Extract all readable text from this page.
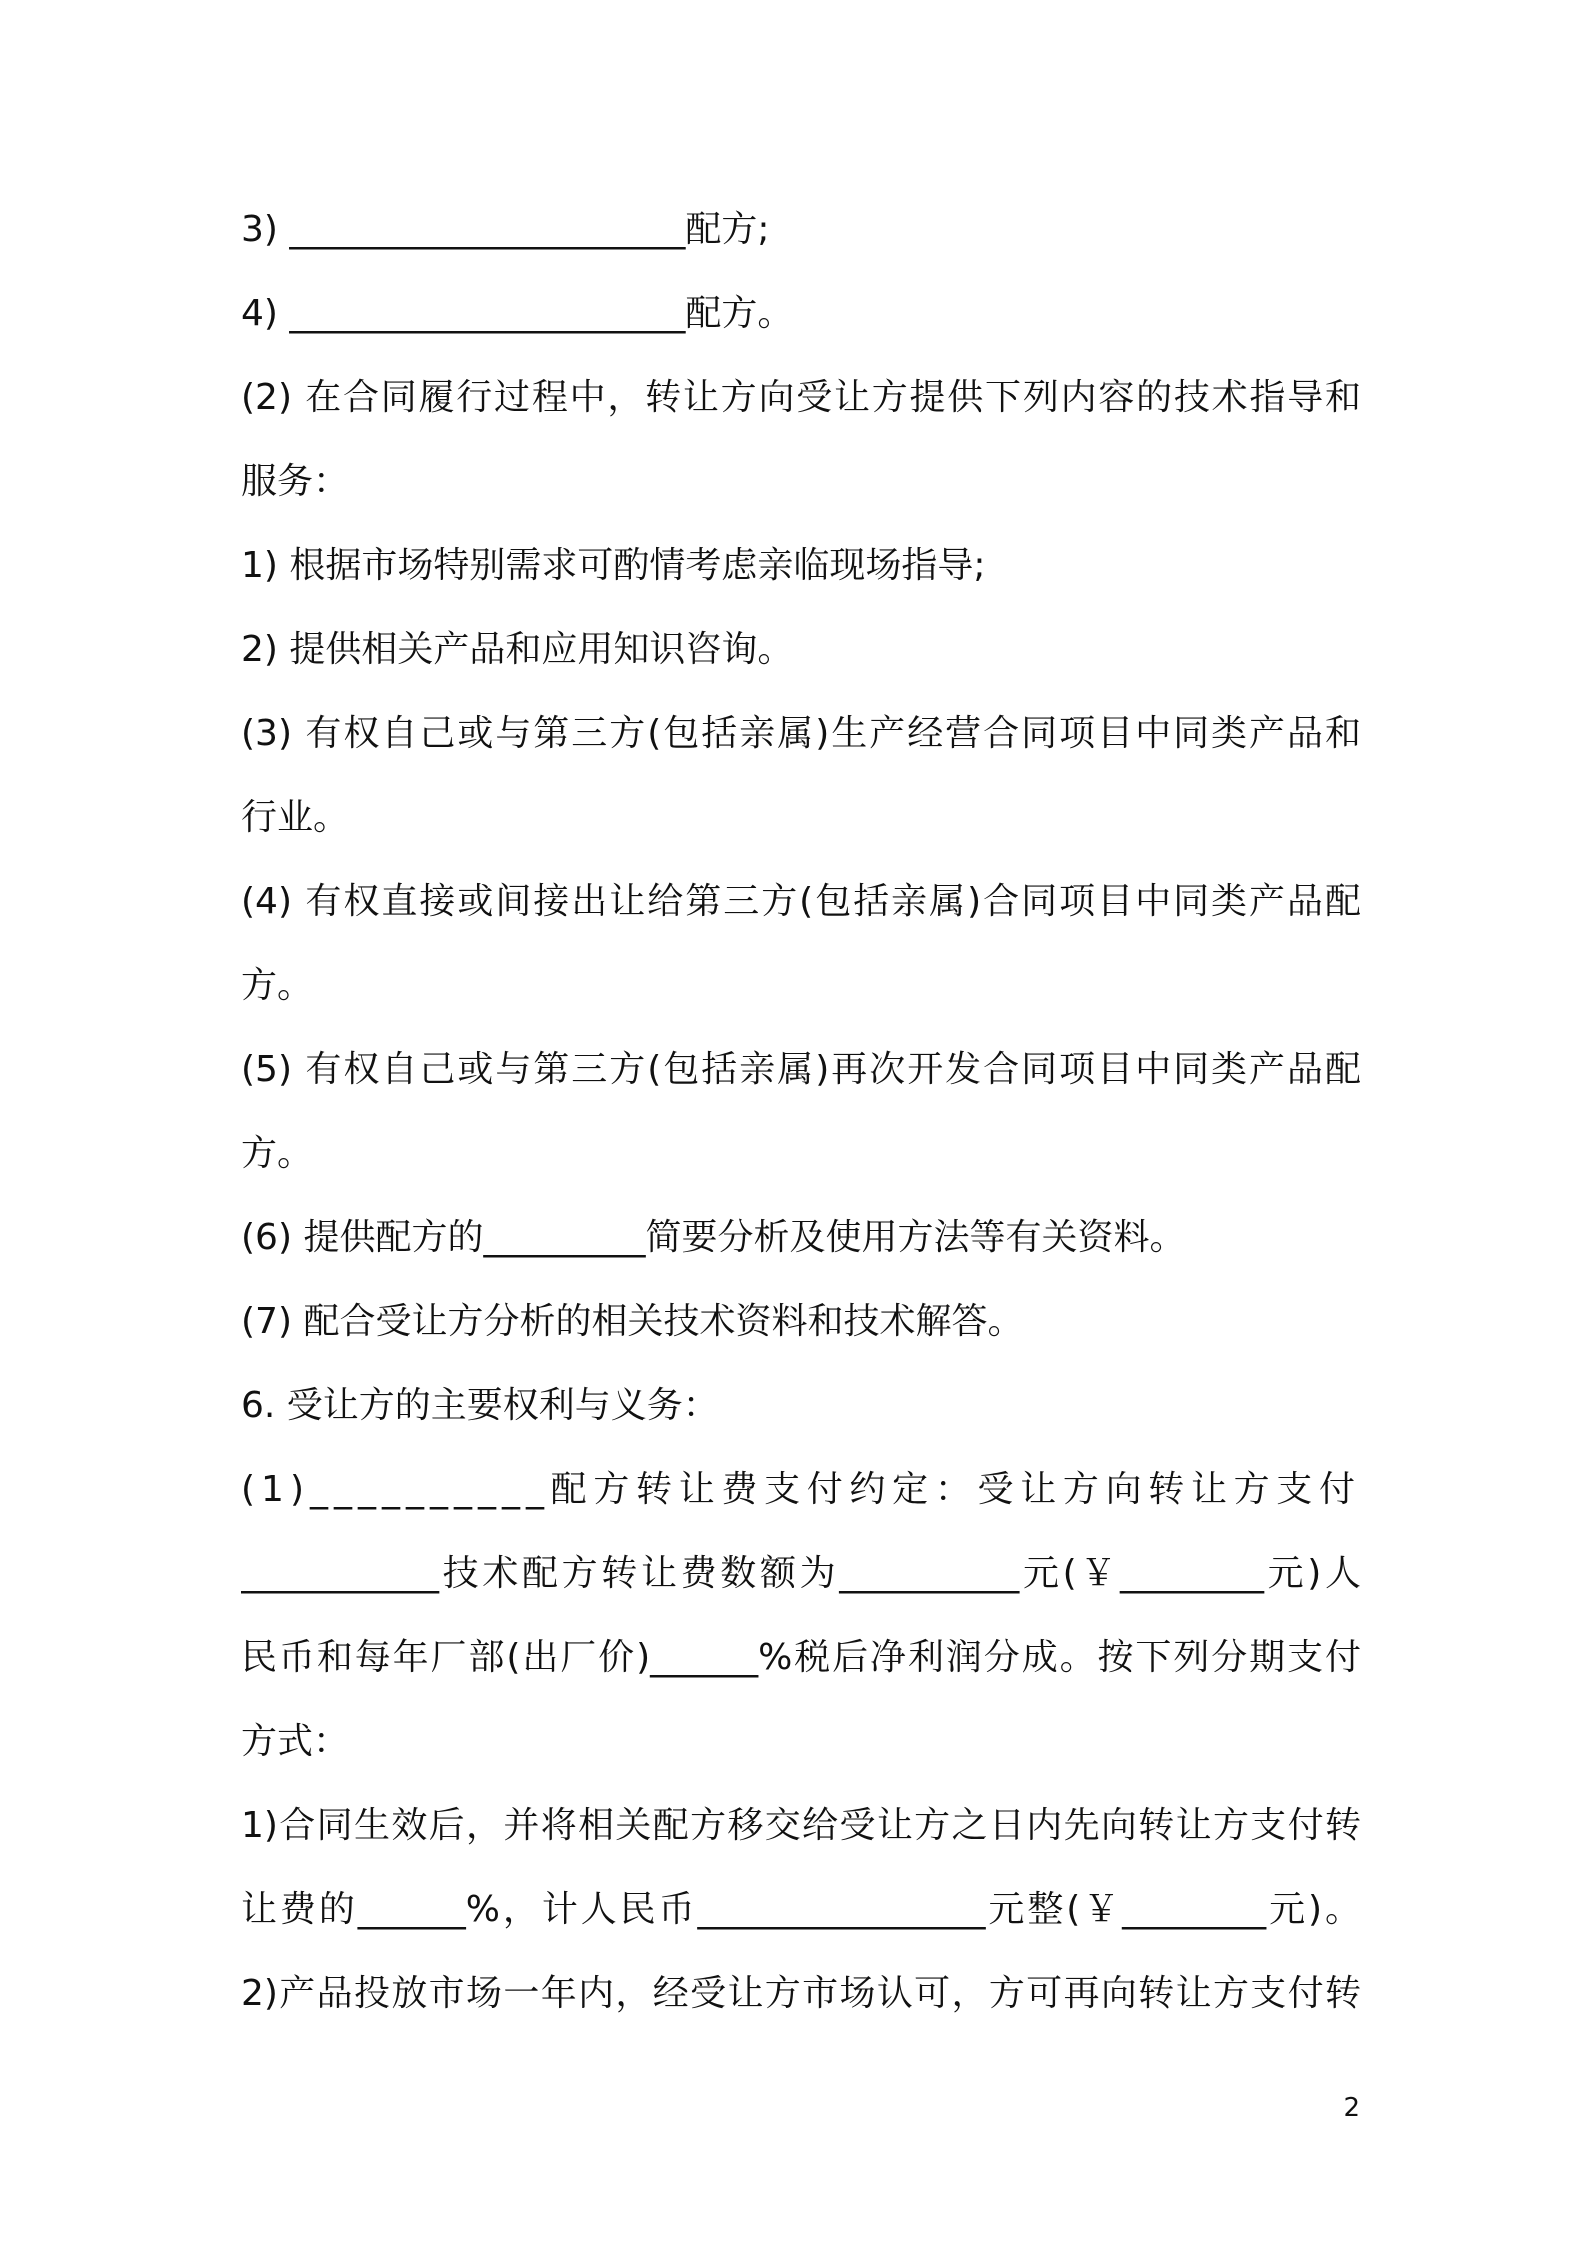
3) ______________________配方;
4) ______________________配方。
(2) 在合同履行过程中，转让方向受让方提供下列内容的技术指导和
服务：
1) 根据市场特别需求可酌情考虑亲临现场指导;
2) 提供相关产品和应用知识咨询。
(3) 有权自己或与第三方(包括亲属)生产经营合同项目中同类产品和
行业。
(4) 有权直接或间接出让给第三方(包括亲属)合同项目中同类产品配
方。
(5) 有权自己或与第三方(包括亲属)再次开发合同项目中同类产品配
方。
(6) 提供配方的_________简要分析及使用方法等有关资料。
(7) 配合受让方分析的相关技术资料和技术解答。
6. 受让方的主要权利与义务：
(1)__________配方转让费支付约定：受让方向转让方支付
___________技术配方转让费数额为__________元(￥________元)人
民币和每年厂部(出厂价)______%税后净利润分成。按下列分期支付
方式：
1)合同生效后，并将相关配方移交给受让方之日内先向转让方支付转
让费的______%，计人民币________________元整(￥________元)。
2)产品投放市场一年内，经受让方市场认可，方可再向转让方支付转
2
